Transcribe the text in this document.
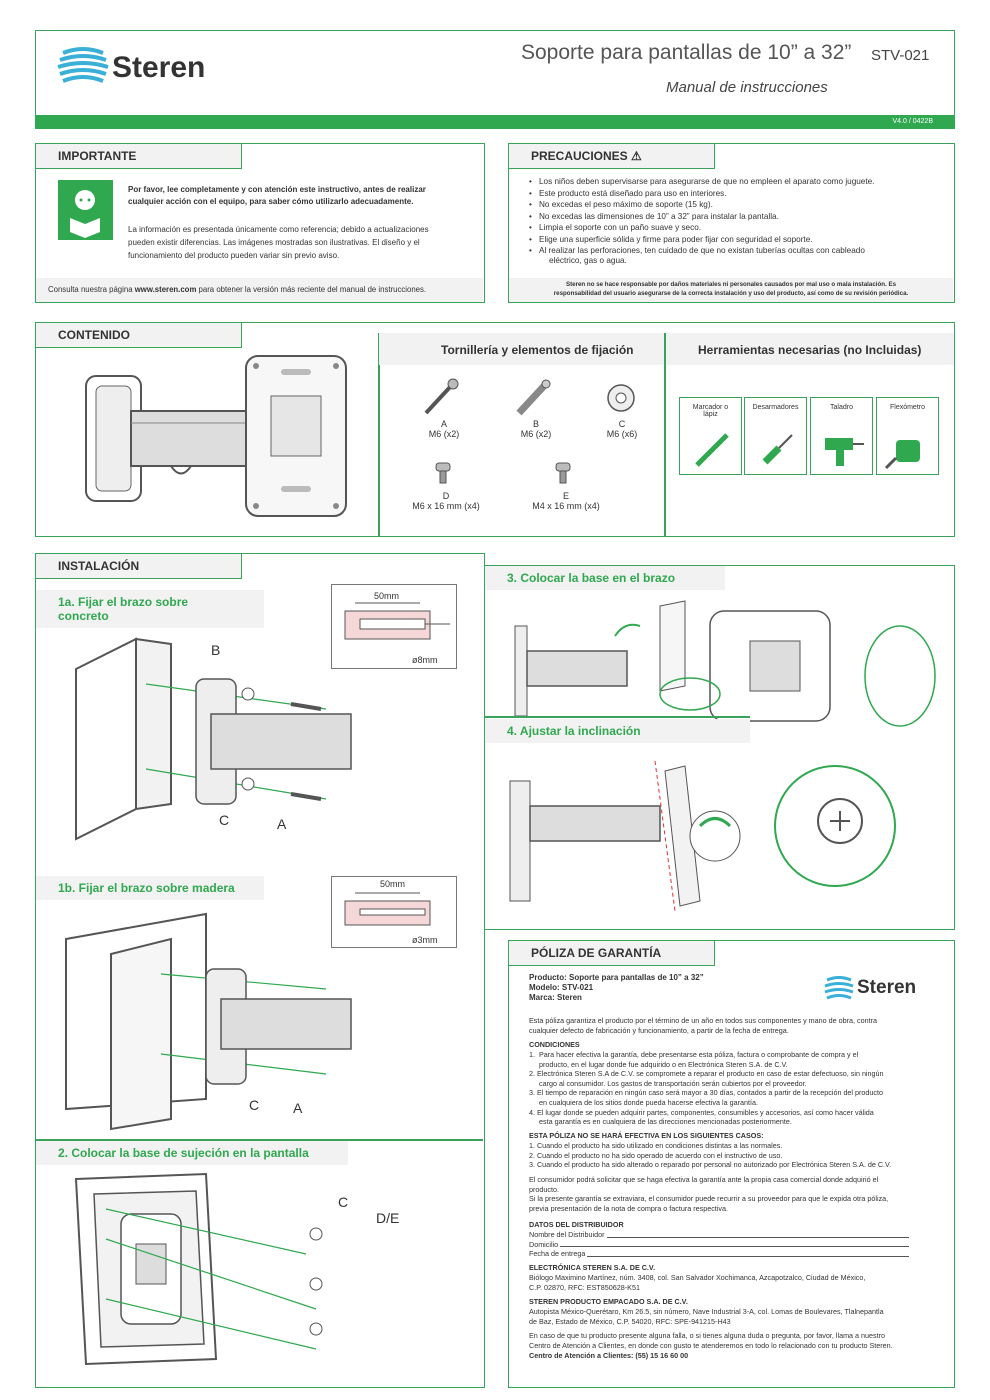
Steren	Soporte para pantallas de 10” a 32” STV-021
Manual de instrucciones
V4.0 / 0422B
IMPORTANTE
Por favor, lee completamente y con atención este instructivo, antes de realizar
cualquier acción con el equipo, para saber cómo utilizarlo adecuadamente.
La información es presentada únicamente como referencia; debido a actualizaciones
pueden existir diferencias. Las imágenes mostradas son ilustrativas. El diseño y el
funcionamiento del producto pueden variar sin previo aviso.
Consulta nuestra página www.steren.com para obtener la versión más reciente del manual de instrucciones.
PRECAUCIONES ⚠
• Los niños deben supervisarse para asegurarse de que no empleen el aparato como juguete.
• Este producto está diseñado para uso en interiores.
• No excedas el peso máximo de soporte (15 kg).
• No excedas las dimensiones de 10” a 32” para instalar la pantalla.
• Limpia el soporte con un paño suave y seco.
• Elige una superficie sólida y firme para poder fijar con seguridad el soporte.
• Al realizar las perforaciones, ten cuidado de que no existan tuberías ocultas con cableado
eléctrico, gas o agua.
Steren no se hace responsable por daños materiales ni personales causados por mal uso o mala instalación. Es
responsabilidad del usuario asegurarse de la correcta instalación y uso del producto, así como de su revisión periódica.
CONTENIDO
Tornillería y elementos de fijación	Herramientas necesarias (no Incluidas)
A
M6 (x2)
B
M6 (x2)
C
M6 (x6)
D
M6 x 16 mm (x4)
E
M4 x 16 mm (x4)
Marcador o lápiz
Desarmadores	Taladro	Flexómetro
INSTALACIÓN
1a. Fijar el brazo sobre concreto
50mm
ø8mm
B
C	A
1b. Fijar el brazo sobre madera	50mm
ø3mm
C A
2. Colocar la base de sujeción en la pantalla
C
D/E
3. Colocar la base en el brazo
4. Ajustar la inclinación
PÓLIZA DE GARANTÍA
Producto: Soporte para pantallas de 10” a 32”
Modelo: STV-021
Marca: Steren	Steren
Esta póliza garantiza el producto por el término de un año en todos sus componentes y mano de obra, contra
cualquier defecto de fabricación y funcionamiento, a partir de la fecha de entrega.
CONDICIONES
1.  Para hacer efectiva la garantía, debe presentarse esta póliza, factura o comprobante de compra y el
producto, en el lugar donde fue adquirido o en Electrónica Steren S.A. de C.V.
2. Electrónica Steren S.A de C.V. se compromete a reparar el producto en caso de estar defectuoso, sin ningún
cargo al consumidor. Los gastos de transportación serán cubiertos por el proveedor.
3. El tiempo de reparación en ningún caso será mayor a 30 días, contados a partir de la recepción del producto
en cualquiera de los sitios donde pueda hacerse efectiva la garantía.
4. El lugar donde se pueden adquirir partes, componentes, consumibles y accesorios, así como hacer válida
esta garantía es en cualquiera de las direcciones mencionadas posteriormente.
ESTA PÓLIZA NO SE HARÁ EFECTIVA EN LOS SIGUIENTES CASOS:
1. Cuando el producto ha sido utilizado en condiciones distintas a las normales.
2. Cuando el producto no ha sido operado de acuerdo con el instructivo de uso.
3. Cuando el producto ha sido alterado o reparado por personal no autorizado por Electrónica Steren S.A. de C.V.
El consumidor podrá solicitar que se haga efectiva la garantía ante la propia casa comercial donde adquirió el
producto.
Si la presente garantía se extraviara, el consumidor puede recurrir a su proveedor para que le expida otra póliza,
previa presentación de la nota de compra o factura respectiva.
DATOS DEL DISTRIBUIDOR
Nombre del Distribuidor
Domicilio
Fecha de entrega
ELECTRÓNICA STEREN S.A. DE C.V.
Biólogo Maximino Martínez, núm. 3408, col. San Salvador Xochimanca, Azcapotzalco, Ciudad de México,
C.P. 02870, RFC: EST850628-K51
STEREN PRODUCTO EMPACADO S.A. DE C.V.
Autopista México-Querétaro, Km 26.5, sin número, Nave Industrial 3-A, col. Lomas de Boulevares, Tlalnepantla
de Baz, Estado de México, C.P. 54020, RFC: SPE-941215-H43
En caso de que tu producto presente alguna falla, o si tienes alguna duda o pregunta, por favor, llama a nuestro
Centro de Atención a Clientes, en donde con gusto te atenderemos en todo lo relacionado con tu producto Steren.
Centro de Atención a Clientes: (55) 15 16 60 00
